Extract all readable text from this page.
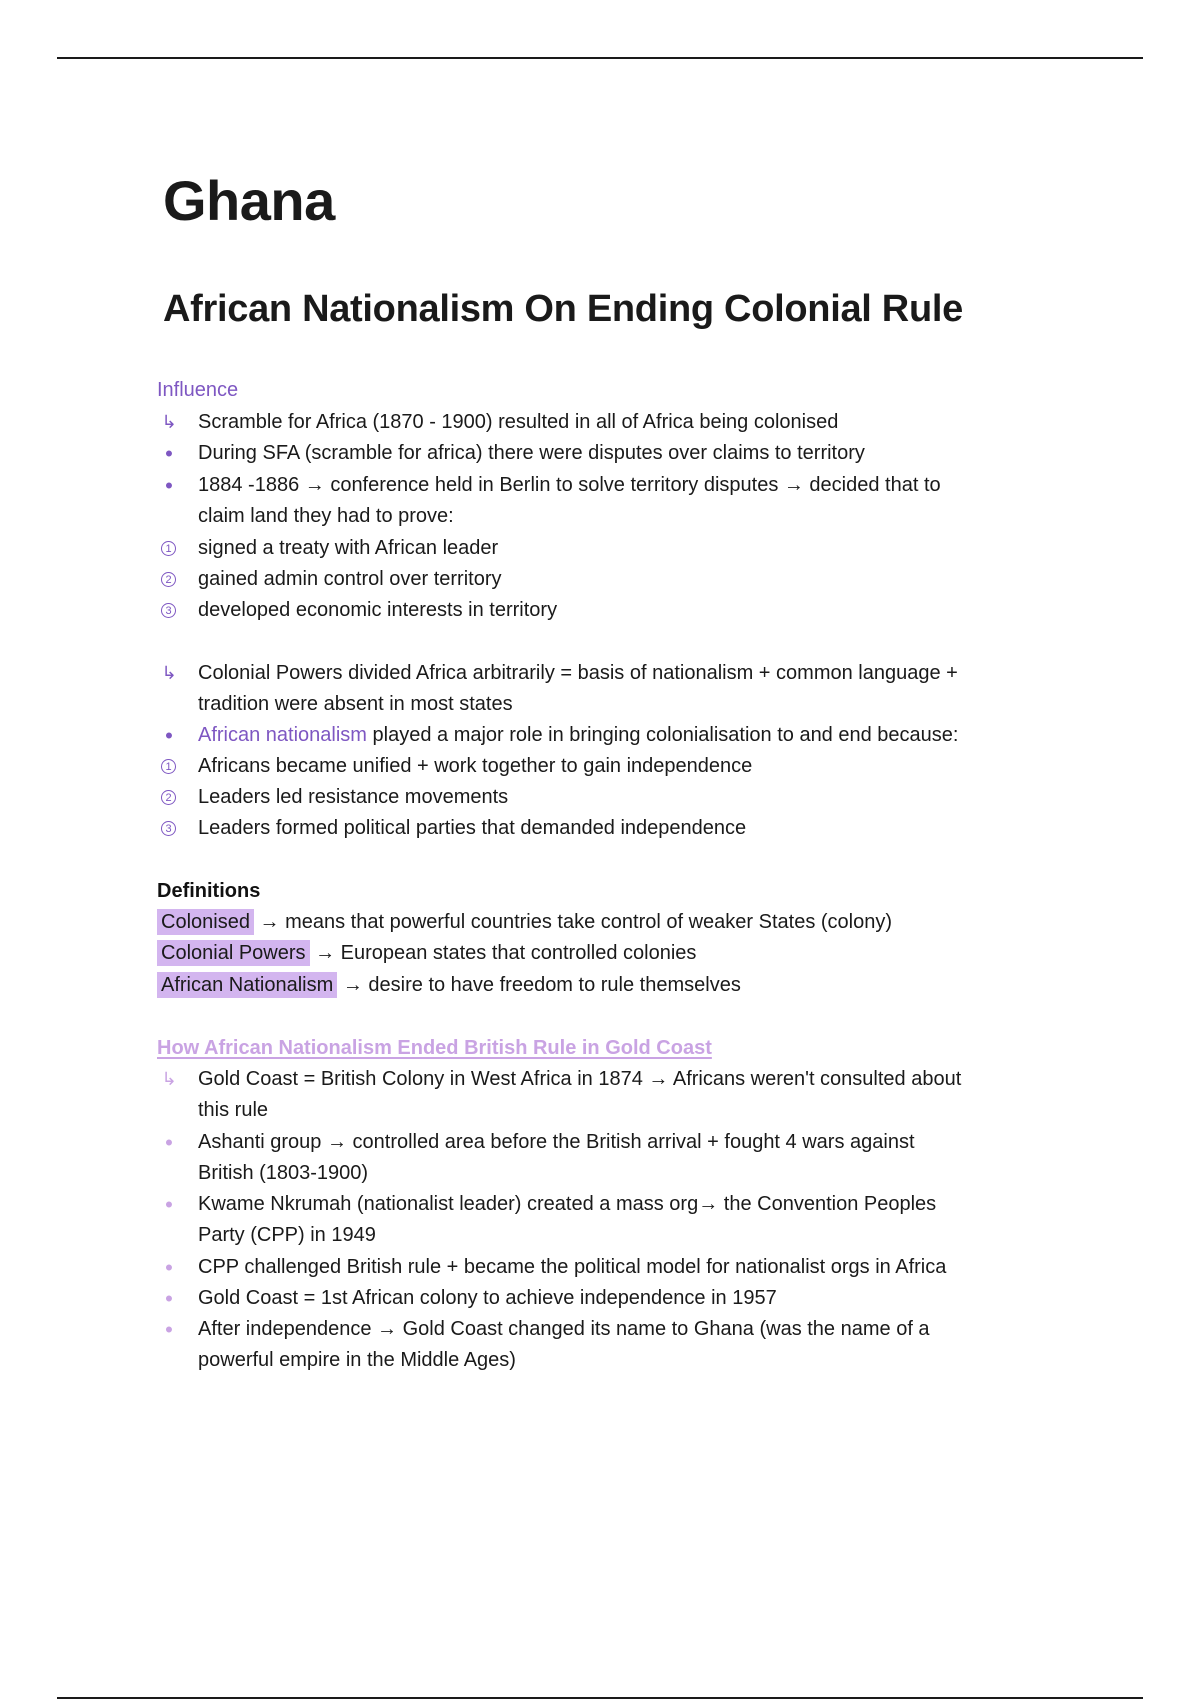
Ghana
African Nationalism On Ending Colonial Rule
Influence
↳ Scramble for Africa (1870 - 1900) resulted in all of Africa being colonised
•	During SFA (scramble for africa) there were disputes over claims to territory
•	1884 -1886 → conference held in Berlin to solve territory disputes → decided that to
claim land they had to prove:
1 signed a treaty with African leader
2 gained admin control over territory
3 developed economic interests in territory
↳ Colonial Powers divided Africa arbitrarily = basis of nationalism + common language +
tradition were absent in most states
•	African nationalism played a major role in bringing colonialisation to and end because:
1 Africans became unified + work together to gain independence
2 Leaders led resistance movements
3 Leaders formed political parties that demanded independence
Definitions
Colonised → means that powerful countries take control of weaker States (colony)
Colonial Powers → European states that controlled colonies
African Nationalism → desire to have freedom to rule themselves
How African Nationalism Ended British Rule in Gold Coast
↳ Gold Coast = British Colony in West Africa in 1874 → Africans weren't consulted about
this rule
•	Ashanti group → controlled area before the British arrival + fought 4 wars against
British (1803-1900)
•	Kwame Nkrumah (nationalist leader) created a mass org→ the Convention Peoples
Party (CPP) in 1949
•	CPP challenged British rule + became the political model for nationalist orgs in Africa
•	Gold Coast = 1st African colony to achieve independence in 1957
•	After independence → Gold Coast changed its name to Ghana (was the name of a
powerful empire in the Middle Ages)
